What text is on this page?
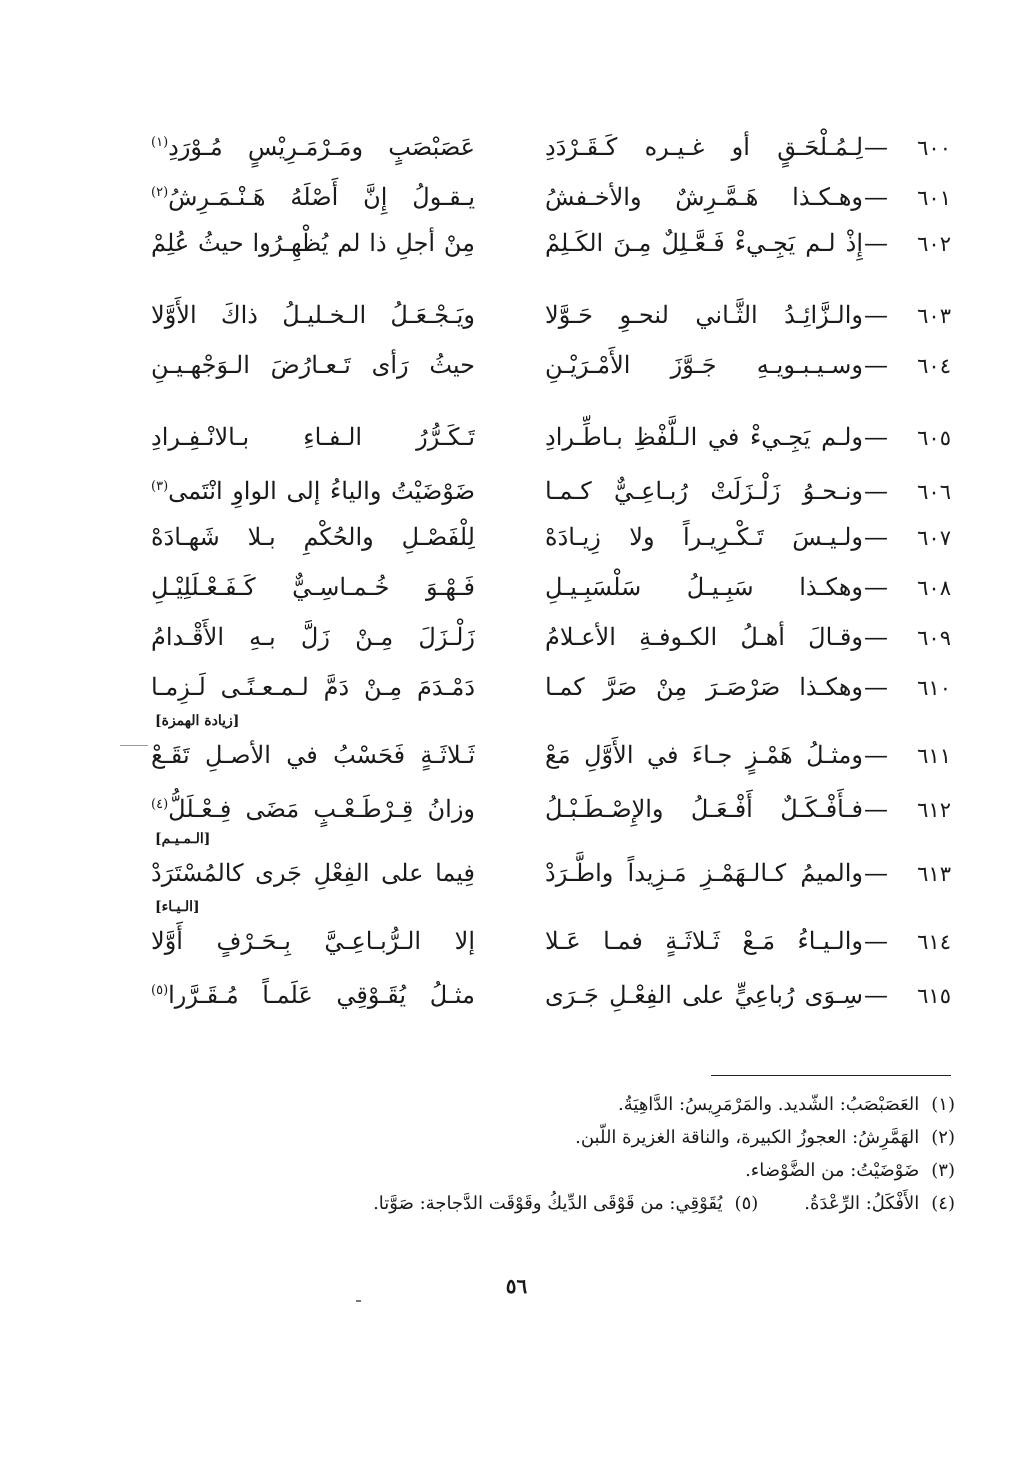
٦٠٠
—
لِـمُـلْحَـقٍ أو غـيـره كَـقَـرْدَدِ
عَصَبْصَبٍ ومَـرْمَـرِيْسٍ مُـوْرَدِ$^{(١)}$
٦٠١
—
وهـكـذا هَـمَّـرِشٌ والأخـفشُ
يـقـولُ إِنَّ أَصْلَهُ هَـنْـمَـرِشُ$^{(٢)}$
٦٠٢
—
إِذْ لـم يَجِـيءْ فَـعَّـلِلٌ مِـنَ الكَـلِمْ
مِنْ أجلِ ذا لم يُظْهِـرُوا حيثُ عُلِمْ
٦٠٣
—
والـزَّائِـدُ الثَّـاني لنحـوِ حَـوَّلا
ويَـجْـعَـلُ الـخـليـلُ ذاكَ الأَوَّلا
٦٠٤
—
وسـيـبـويـهِ جَـوَّزَ الأَمْـرَيْـنِ
حيثُ رَأى تَـعـارُضَ الـوَجْهـيـنِ
٦٠٥
—
ولـم يَجِـيءْ في الـلَّفْظِ بـاطِّـرادِ
تَـكَـرُّرُ الـفـاءِ بـالانْـفِـرادِ
٦٠٦
—
ونـحـوُ زَلْـزَلَتْ رُبـاعِـيٌّ كـمـا
ضَوْضَيْتُ والياءُ إلى الواوِ انْتَمى$^{(٣)}$
٦٠٧
—
ولـيـسَ تَـكْـرِيـراً ولا زِيـادَهْ
لِلْفَصْـلِ والحُكْمِ بـلا شَهـادَهْ
٦٠٨
—
وهكـذا سَبِـيـلُ سَلْسَبِـيـلِ
فَـهْـوَ خُـمـاسِـيٌّ كَـفَـعْـلَلِيْـلِ
٦٠٩
—
وقـالَ أهـلُ الكـوفـةِ الأعـلامُ
زَلْـزَلَ مِـنْ زَلَّ بـهِ الأَقْـدامُ
٦١٠
—
وهكـذا صَرْصَـرَ مِنْ صَرَّ كمـا
دَمْـدَمَ مِـنْ دَمَّ لـمـعـنًـى لَـزِمـا
[زيادة الهمزة]
٦١١
—
ومثـلُ هَمْـزٍ جـاءَ في الأَوَّلِ مَعْ
ثَـلاثَـةٍ فَحَسْبُ في الأصـلِ تَقَـعْ
٦١٢
—
فـأَفْـكَـلٌ أَفْـعَـلُ والإِصْـطَـبْـلُ
وزانُ قِـرْطَـعْـبٍ مَضَى فِـعْـلَلُّ$^{(٤)}$
[الـمـيـم]
٦١٣
—
والميمُ كـالـهَمْـزِ مَـزِيداً واطَّـرَدْ
فِيما على الفِعْلِ جَرى كالمُسْتَرَدْ
[الـيـاء]
٦١٤
—
والـيـاءُ مَـعْ ثَـلاثَـةٍ فمـا عَـلا
إلا الـرُّبـاعِـيَّ بِـحَـرْفٍ أَوَّلا
٦١٥
—
سِـوَى رُباعِيٍّ على الفِعْـلِ جَـرَى
مثـلُ يُقَـوْقِي عَلَمـاً مُـقَـرَّرا$^{(٥)}$
(١)العَصَبْصَبُ: الشّديد. والمَرْمَرِيسُ: الدَّاهِيَةُ.
(٢)الهَمَّرِشُ: العجوزُ الكبيرة، والناقة الغزيرة اللّبن.
(٣)ضَوْضَيْتُ: من الضَّوْضاء.
(٤)الأَفْكَلُ: الرِّعْدَةُ.(٥)يُقَوْقِي: من قَوْقَى الدِّيكُ وقَوْقَت الدَّجاجة: صَوَّتا.
٥٦
